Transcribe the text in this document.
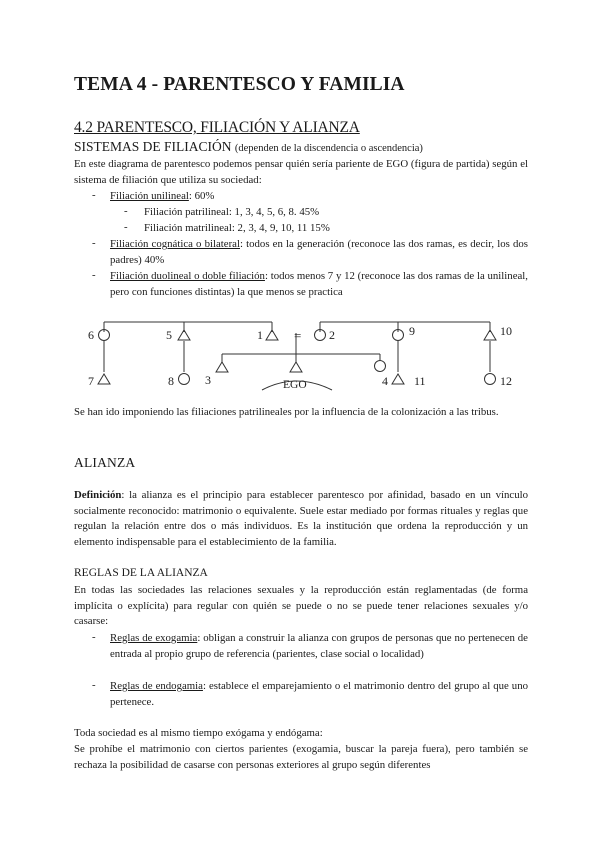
TEMA 4 - PARENTESCO Y FAMILIA
4.2 PARENTESCO, FILIACIÓN Y ALIANZA
SISTEMAS DE FILIACIÓN (dependen de la discendencia o ascendencia)
En este diagrama de parentesco podemos pensar quién sería pariente de EGO (figura de partida) según el sistema de filiación que utiliza su sociedad:
- Filiación unilineal: 60%
- Filiación patrilineal: 1, 3, 4, 5, 6, 8. 45%
- Filiación matrilineal: 2, 3, 4, 9, 10, 11 15%
- Filiación cognática o bilateral: todos en la generación (reconoce las dos ramas, es decir, los dos padres) 40%
- Filiación duolineal o doble filiación: todos menos 7 y 12 (reconoce las dos ramas de la unilineal, pero con funciones distintas) la que menos se practica
6	5	1 = 2	9	10
7	8	3	EGO	4 11	12
Se han ido imponiendo las filiaciones patrilineales por la influencia de la colonización a las tribus.
ALIANZA
Definición: la alianza es el principio para establecer parentesco por afinidad, basado en un vínculo socialmente reconocido: matrimonio o equivalente. Suele estar mediado por formas rituales y reglas que regulan la relación entre dos o más individuos. Es la institución que ordena la reproducción y un elemento indispensable para el establecimiento de la familia.
REGLAS DE LA ALIANZA
En todas las sociedades las relaciones sexuales y la reproducción están reglamentadas (de forma implícita o explícita) para regular con quién se puede o no se puede tener relaciones sexuales y/o casarse:
- Reglas de exogamia: obligan a construir la alianza con grupos de personas que no pertenecen de entrada al propio grupo de referencia (parientes, clase social o localidad)
- Reglas de endogamia: establece el emparejamiento o el matrimonio dentro del grupo al que uno pertenece.
Toda sociedad es al mismo tiempo exógama y endógama:
Se prohíbe el matrimonio con ciertos parientes (exogamia, buscar la pareja fuera), pero también se rechaza la posibilidad de casarse con personas exteriores al grupo según diferentes
